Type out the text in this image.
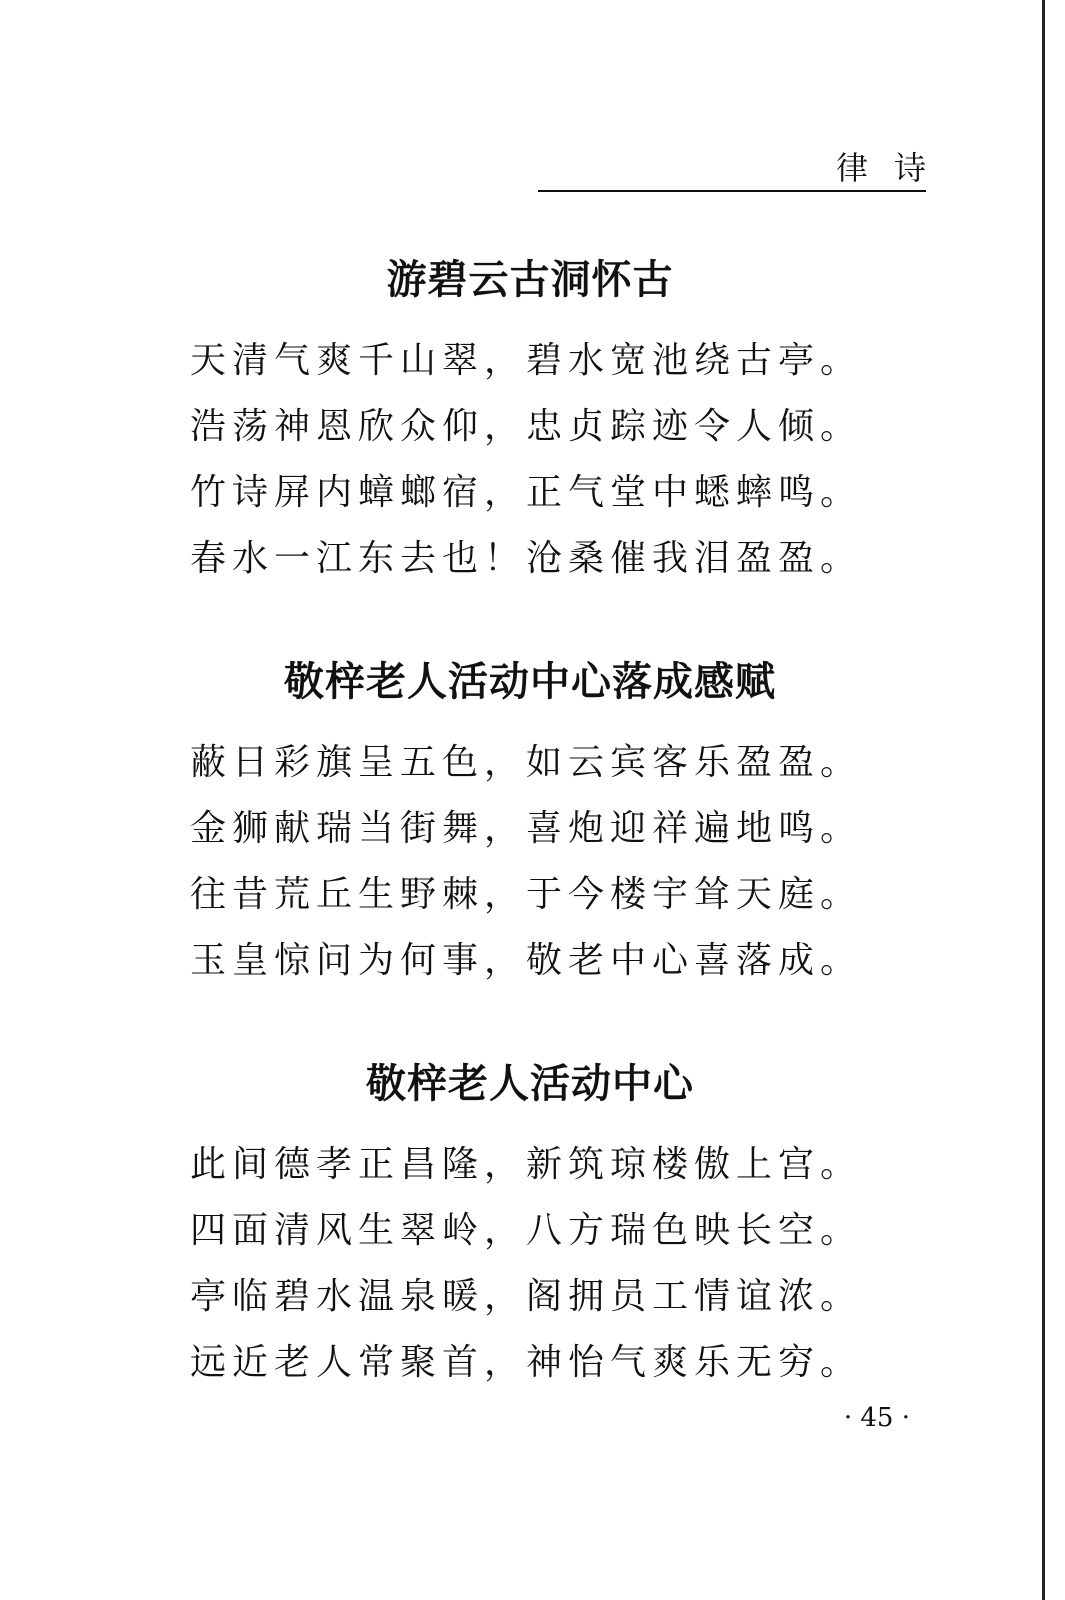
律诗
游碧云古洞怀古
天清气爽千山翠，碧水宽池绕古亭。
浩荡神恩欣众仰，忠贞踪迹令人倾。
竹诗屏内蟑螂宿，正气堂中蟋蟀鸣。
春水一江东去也！沧桑催我泪盈盈。
敬梓老人活动中心落成感赋
蔽日彩旗呈五色，如云宾客乐盈盈。
金狮献瑞当街舞，喜炮迎祥遍地鸣。
往昔荒丘生野棘，于今楼宇耸天庭。
玉皇惊问为何事，敬老中心喜落成。
敬梓老人活动中心
此间德孝正昌隆，新筑琼楼傲上宫。
四面清风生翠岭，八方瑞色映长空。
亭临碧水温泉暖，阁拥员工情谊浓。
远近老人常聚首，神怡气爽乐无穷。
· 45 ·
